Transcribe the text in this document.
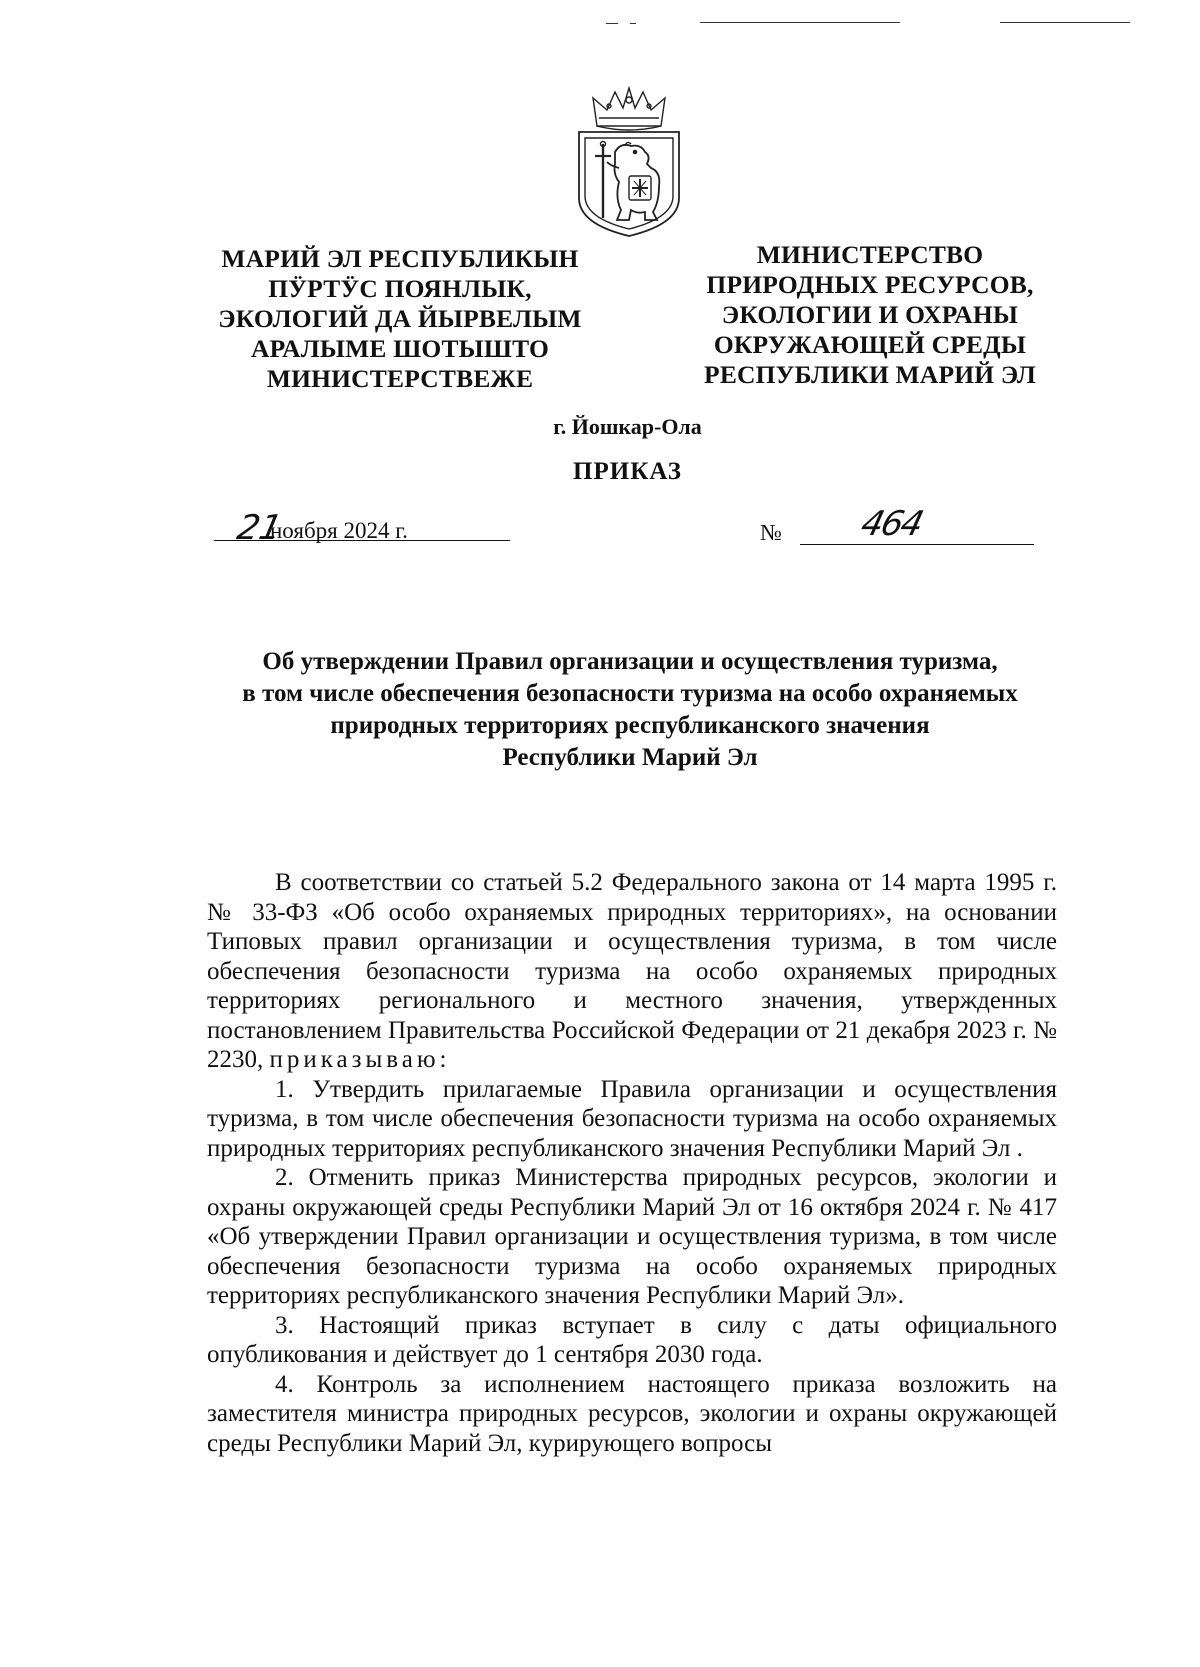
МАРИЙ ЭЛ РЕСПУБЛИКЫН
ПӰРТӰС ПОЯНЛЫК,
ЭКОЛОГИЙ ДА ЙЫРВЕЛЫМ
АРАЛЫМЕ ШОТЫШТО
МИНИСТЕРСТВЕЖЕ
МИНИСТЕРСТВО
ПРИРОДНЫХ РЕСУРСОВ,
ЭКОЛОГИИ И ОХРАНЫ
ОКРУЖАЮЩЕЙ СРЕДЫ
РЕСПУБЛИКИ МАРИЙ ЭЛ
г. Йошкар-Ола
ПРИКАЗ
21
ноября 2024 г.	№ 464
Об утверждении Правил организации и осуществления туризма,
в том числе обеспечения безопасности туризма на особо охраняемых
природных территориях республиканского значения
Республики Марий Эл

В соответствии со статьей 5.2 Федерального закона от 14 марта 1995 г. № 33-ФЗ «Об особо охраняемых природных территориях», на основании Типовых правил организации и осуществления туризма, в том числе обеспечения безопасности туризма на особо охраняемых природных территориях регионального и местного значения, утвержденных постановлением Правительства Российской Федерации от 21 декабря 2023 г. № 2230, приказываю:

1. Утвердить прилагаемые Правила организации и осуществления туризма, в том числе обеспечения безопасности туризма на особо охраняемых природных территориях республиканского значения Республики Марий Эл .

2. Отменить приказ Министерства природных ресурсов, экологии и охраны окружающей среды Республики Марий Эл от 16 октября 2024 г. № 417 «Об утверждении Правил организации и осуществления туризма, в том числе обеспечения безопасности туризма на особо охраняемых природных территориях республиканского значения Республики Марий Эл».

3. Настоящий приказ вступает в силу с даты официального опубликования и действует до 1 сентября 2030 года.

4. Контроль за исполнением настоящего приказа возложить на заместителя министра природных ресурсов, экологии и охраны окружающей среды Республики Марий Эл, курирующего вопросы
